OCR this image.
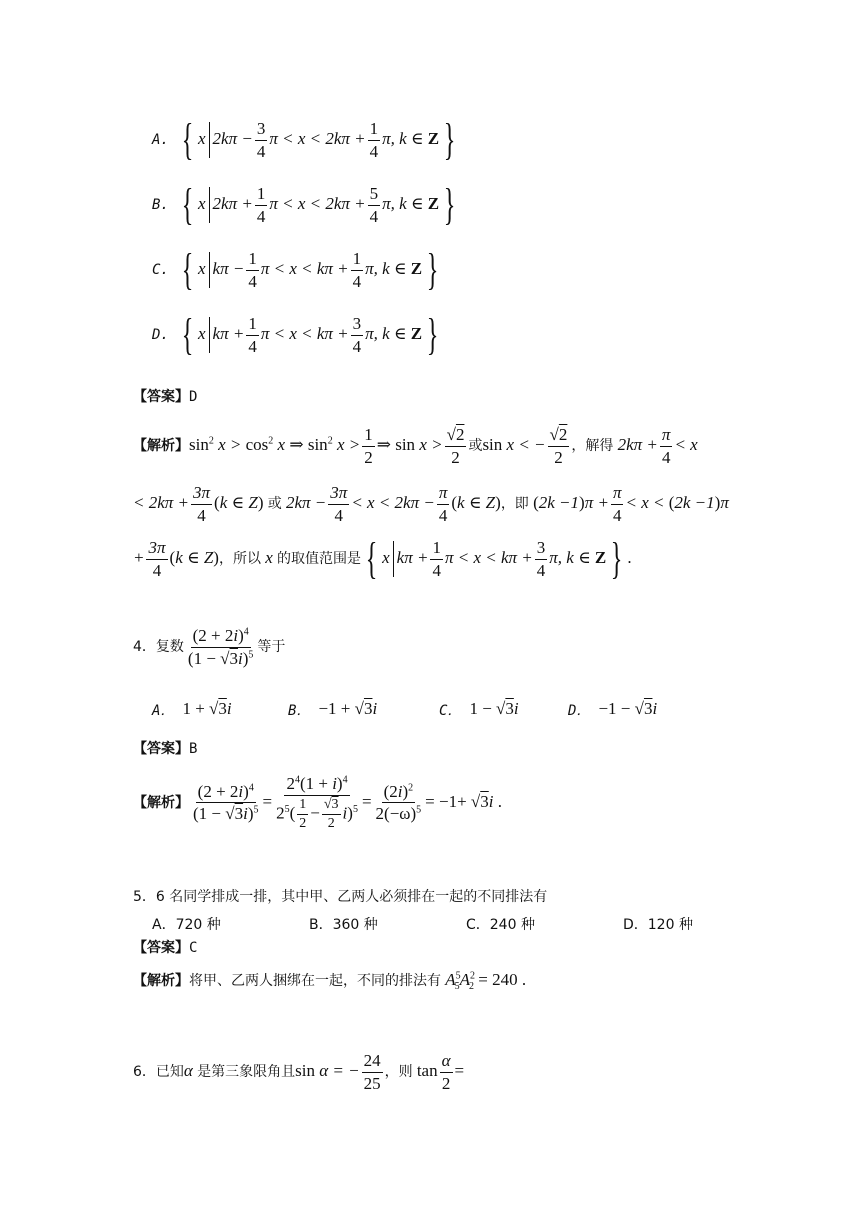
A. { x $2k\pi - \frac{3}{4}$ $\pi < x < 2k\pi + \frac{1}{4} \pi$, k ∈ Z }
B. { x $2k\pi + \frac{1}{4}$ $\pi < x < 2k\pi + \frac{5}{4} \pi$, k ∈ Z }
C. { x $k\pi - \frac{1}{4}$ $\pi < x < k\pi + \frac{1}{4} \pi$, k ∈ Z }
D. { x $k\pi + \frac{1}{4}$ $\pi < x < k\pi + \frac{3}{4} \pi$, k ∈ Z }
【答案】D
【解析】$\sin^2 x > \cos^2 x$ ⇒ $\sin^2 x > \frac{1}{2}$ ⇒ $\sin x > \frac{√2}{2}$ 或sin x < − $\frac{√2}{2}$ ，解得 $2k\pi + \frac{\pi}{4} < x$
< $2k\pi + \frac{3\pi}{4} (k$ ∈ Z) 或 $2k\pi - \frac{3\pi}{4} < x < 2k\pi - \frac{\pi}{4} (k$ ∈ Z)，即 $(2k -1)\pi + \frac{\pi}{4} < x < (2k -1)\pi$
+ $\frac{3\pi}{4} (k$ ∈ Z)，所以 x 的取值范围是 { x $k\pi + \frac{1}{4}$ $\pi < x < k\pi + \frac{3}{4} \pi$, k ∈ Z } .
4．复数 $\frac{(2 + 2i)^4}{(1 - √3i)^5}$ 等于
A． 1 + √3i	B． −1 + √3i	C． 1 − √3i	D． −1 − √3i
【答案】B
【解析】 $\frac{(2 + 2i)^4}{(1 - √3i)^5} = \frac{2^4(1 + i)^4}{2^5( \frac{1}{2} - \frac{√3}{2} i)^5} = \frac{(2i)^2}{2(-\omega)^5} = -1+ √3i$ .
5．6 名同学排成一排，其中甲、乙两人必须排在一起的不同排法有
A．720 种	B．360 种	C．240 种	D．120 种
【答案】C
【解析】将甲、乙两人捆绑在一起，不同的排法有 $A^5_5A^2_2 = 240$ .
6．已知α 是第三象限角且sin α = − $\frac{24}{25}$ ，则 $\tan \frac{\alpha}{2}$ =
